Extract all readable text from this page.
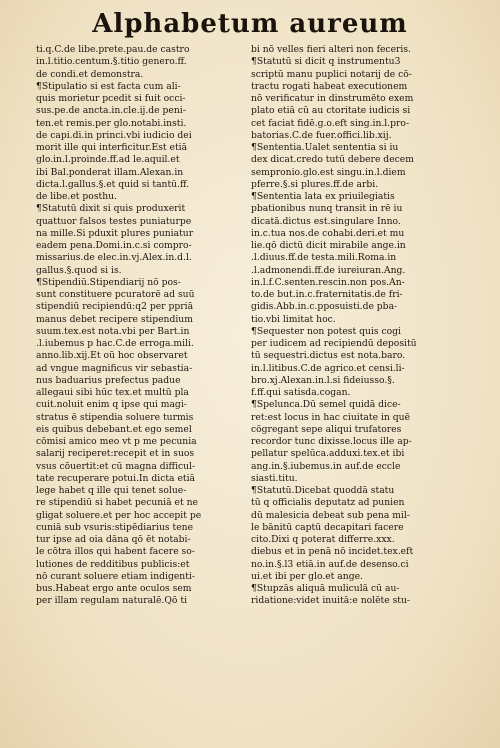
Alphabetum aureum
ti.q.C.de libe.prete.pau.de castro
in.l.titio.centum.§.titio genero.ff.
de condi.et demonstra.
¶Stipulatio si est facta cum ali-
quis morietur pcedit si fuit occi-
sus.pe.de ancta.in.cle.ij.de peni-
ten.et remis.per glo.notabi.insti.
de capi.di.in princi.vbi iudicio dei
morit ille qui interficitur.Est etiā
glo.in.l.proinde.ff.ad le.aquil.et
ibi Bal.ponderat illam.Alexan.in
dicta.l.gallus.§.et quid si tantū.ff.
de libe.et posthu.
¶Statutū dixit si quis produxerit
quattuor falsos testes puniaturpe
na mille.Si pduxit plures puniatur
eadem pena.Domi.in.c.si compro-
missarius.de elec.in.vj.Alex.in.d.l.
gallus.§.quod si is.
¶Stipendiū.Stipendiarij nō pos-
sunt constituere pcuratorē ad suū
stipendiū recipiendū:q2 per ppriā
manus debet recipere stipendium
suum.tex.est nota.vbi per Bart.in
.l.iubemus p hac.C.de erroga.mili.
anno.lib.xij.Et oū hoc observaret
ad vngue magnificus vir sebastia-
nus baduarius prefectus padue
allegaui sibi hūc tex.et multū pla
cuit.noluit enim q ipse qui magi-
stratus ē stipendia soluere turmis
eis quibus debebant.et ego semel
cōmisi amico meo vt p me pecunia
salarij reciperet:recepit et in suos
vsus cōuertit:et cū magna difficul-
tate recuperare potui.In dicta etiā
lege habet q ille qui tenet solue-
re stipendiū si habet pecuniā et ne
gligat soluere.et per hoc accepit pe
cuniā sub vsuris:stipēdiarius tene
tur ipse ad oia dāna qō ēt notabi-
le cōtra illos qui habent facere so-
lutiones de redditibus publicis:et
nō curant soluere etiam indigenti-
bus.Habeat ergo ante oculos sem
per illam regulam naturalē.Qō ti
bi nō velles fieri alteri non feceris.
¶Statutū si dicit q instrumentu3
scriptū manu puplici notarij de cō-
tractu rogati habeat executionem
nō verificatur in dinstrumēto exem
plato etiā cū au ctoritate iudicis si
cet faciat fidē.g.o.eft sing.in.l.pro-
batorias.C.de fuer.offici.lib.xij.
¶Sententia.Ualet sententia si iu
dex dicat.credo tutū debere decem
sempronio.glo.est singu.in.l.diem
pferre.§.si plures.ff.de arbi.
¶Sententia lata ex priuilegiatis
pbationibus nunq transit in rē iu
dicatā.dictus est.singulare Inno.
in.c.tua nos.de cohabi.deri.et mu
lie.qō dictū dicit mirabile ange.in
.l.diuus.ff.de testa.mili.Roma.in
.l.admonendi.ff.de iureiuran.Ang.
in.l.f.C.senten.rescin.non pos.An-
to.de but.in.c.fraternitatis.de fri-
gidis.Abb.in.c.pposuisti.de pba-
tio.vbi limitat hoc.
¶Sequester non potest quis cogi
per iudicem ad recipiendū depositū
tū sequestri.dictus est nota.baro.
in.l.litibus.C.de agrico.et censi.li-
bro.xj.Alexan.in.l.si fideiusso.§.
f.ff.qui satisda.cogan.
¶Spelunca.Dū semel quidā dice-
ret:est locus in hac ciuitate in quē
cōgregant sepe aliqui trufatores
recordor tunc dixisse.locus ille ap-
pellatur spelūca.adduxi.tex.et ibi
ang.in.§.iubemus.in auf.de eccle
siasti.titu.
¶Statutū.Dicebat quoddā statu
tū q officialis deputatz ad punien
dū malesicia debeat sub pena mil-
le bānitū captū decapitari facere
cito.Dixi q poterat differre.xxx.
diebus et in penā nō incidet.tex.eft
no.in.§.l3 etiā.in auf.de desenso.ci
ui.et ibi per glo.et ange.
¶Stupzās aliquā muliculā cū au-
ridatione:videt inuitā:e nolēte stu-
